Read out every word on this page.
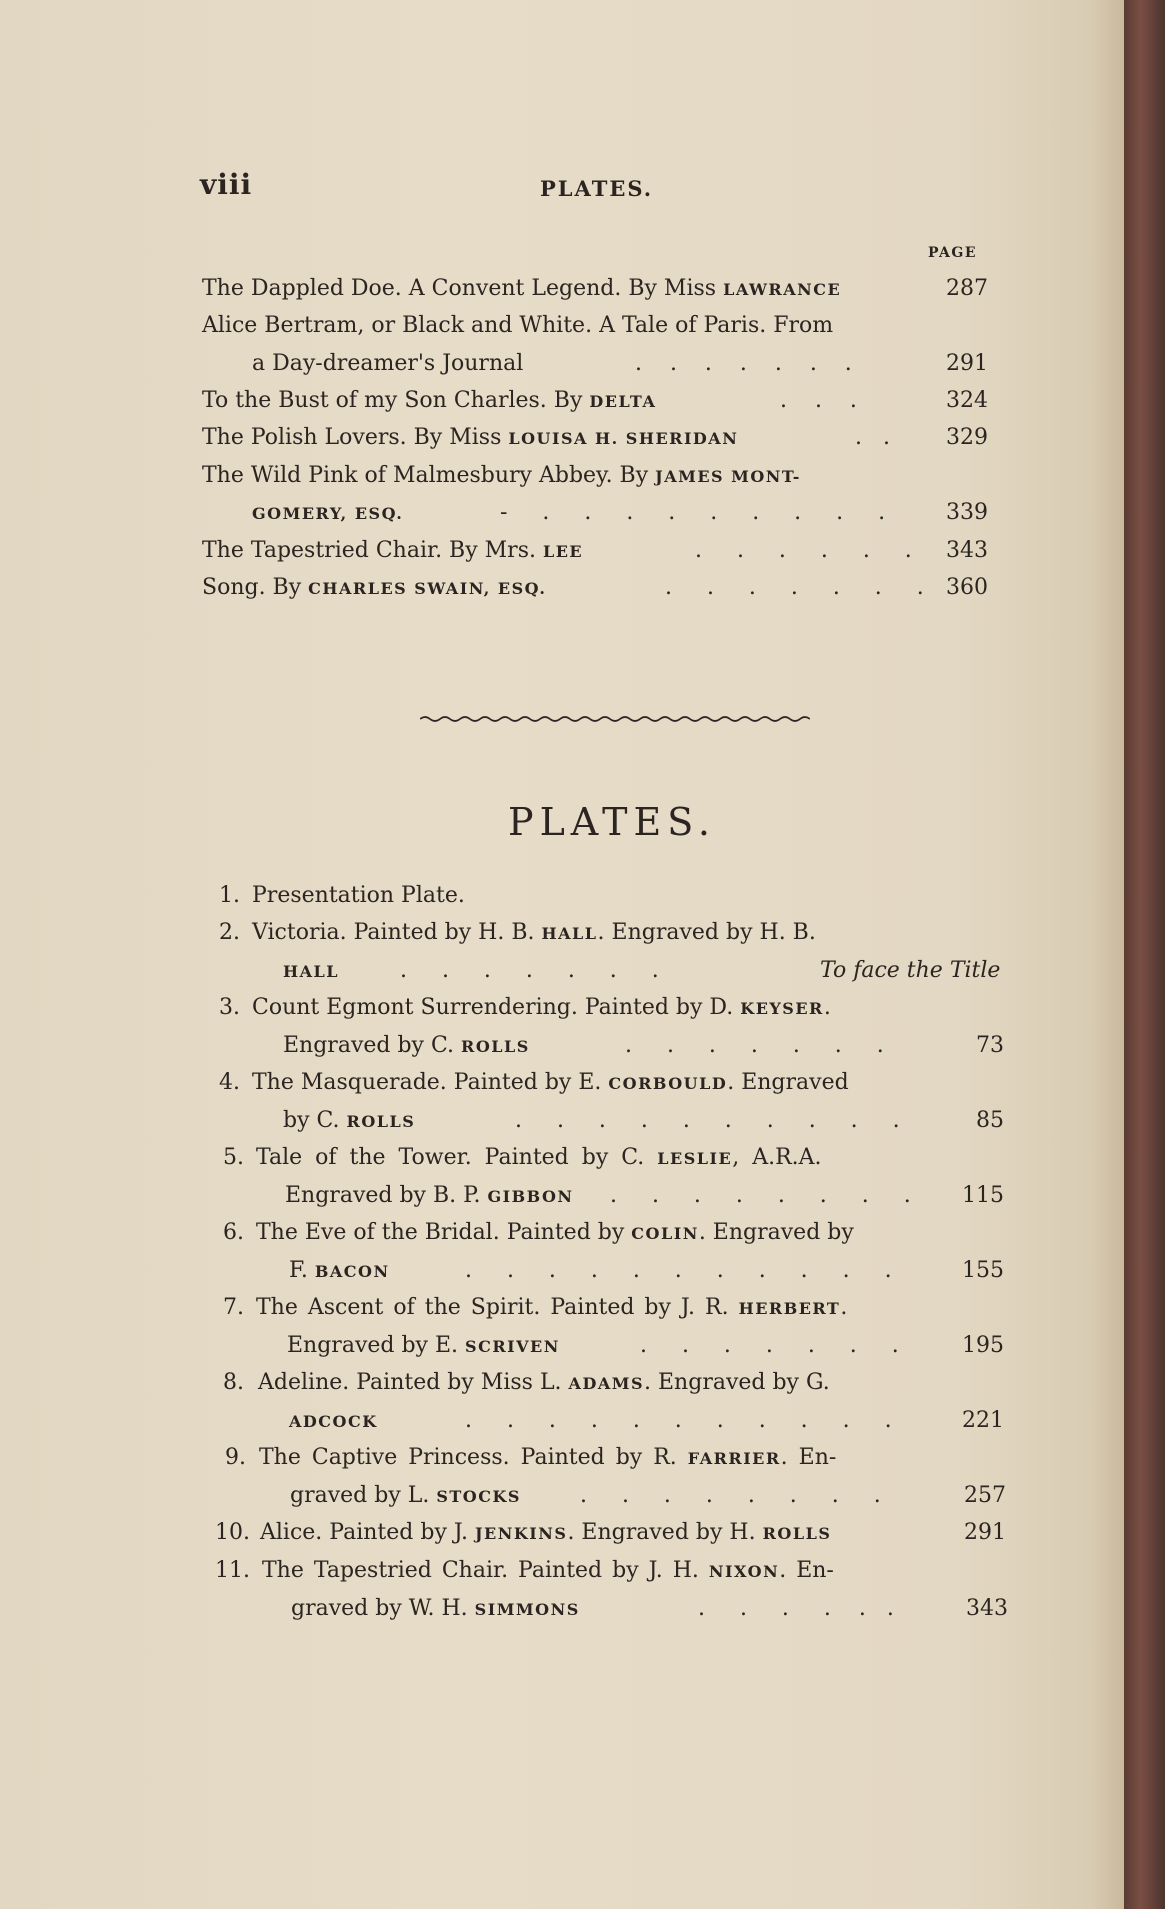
viii	PLATES.
PAGE
The Dappled Doe. A Convent Legend. By Miss LAWRANCE	287
Alice Bertram, or Black and White. A Tale of Paris. From
a Day-dreamer's Journal	.    .    .    .    .    .    .	291
To the Bust of my Son Charles. By DELTA	.    .    .	324
The Polish Lovers. By Miss LOUISA H. SHERIDAN	.   .	329
The Wild Pink of Malmesbury Abbey. By JAMES MONT-
GOMERY, ESQ.	-     .     .     .     .     .     .     .     .     .	339
The Tapestried Chair. By Mrs. LEE	.     .     .     .     .     .	343
Song. By CHARLES SWAIN, ESQ.	.     .     .     .     .     .     .	360
PLATES.
1. Presentation Plate.
2. Victoria. Painted by H. B. HALL. Engraved by H. B.
HALL	.     .     .     .     .     .     .	To face the Title
3. Count Egmont Surrendering. Painted by D. KEYSER.
Engraved by C. ROLLS	.     .     .     .     .     .     .	73
4. The Masquerade. Painted by E. CORBOULD. Engraved
by C. ROLLS	.     .     .     .     .     .     .     .     .     .	85
5. Tale of the Tower. Painted by C. LESLIE, A.R.A.
Engraved by B. P. GIBBON .     .     .     .     .     .     .     .	115
6. The Eve of the Bridal. Painted by COLIN. Engraved by
F. BACON	.     .     .     .     .     .     .     .     .     .     .	155
7. The Ascent of the Spirit. Painted by J. R. HERBERT.
Engraved by E. SCRIVEN	.     .     .     .     .     .     .	195
8. Adeline. Painted by Miss L. ADAMS. Engraved by G.
ADCOCK	.     .     .     .     .     .     .     .     .     .     .	221
9. The Captive Princess. Painted by R. FARRIER. En-
graved by L. STOCKS	.     .     .     .     .     .     .     .	257
10. Alice. Painted by J. JENKINS. Engraved by H. ROLLS	291
11. The Tapestried Chair. Painted by J. H. NIXON. En-
graved by W. H. SIMMONS	.     .     .     .    .   .	343
